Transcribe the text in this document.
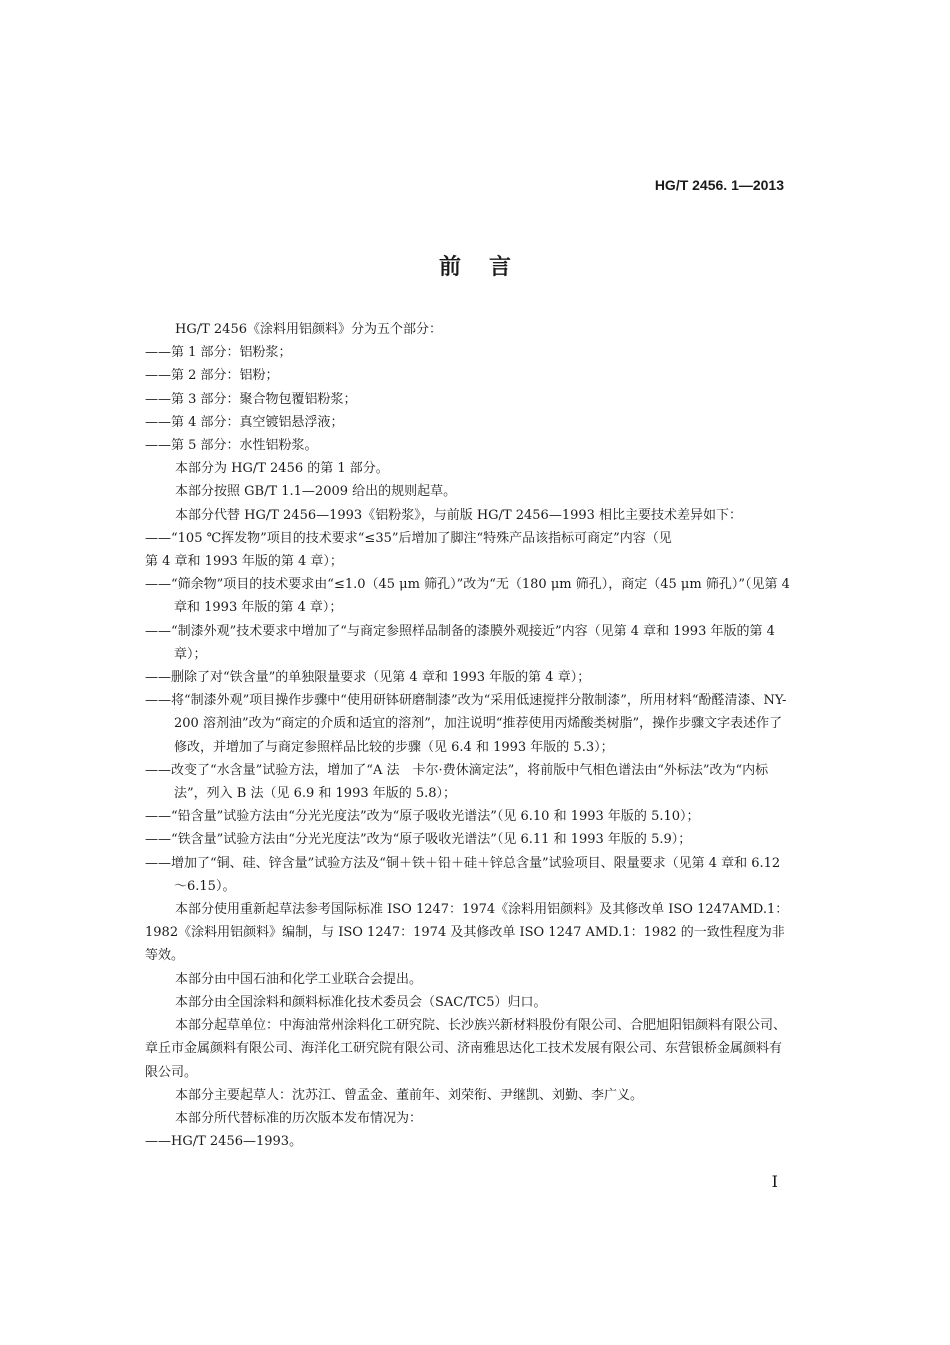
HG/T 2456. 1—2013
前言

HG/T 2456《涂料用铝颜料》分为五个部分：

——第 1 部分：铝粉浆；

——第 2 部分：铝粉；

——第 3 部分：聚合物包覆铝粉浆；

——第 4 部分：真空镀铝悬浮液；

——第 5 部分：水性铝粉浆。

本部分为 HG/T 2456 的第 1 部分。

本部分按照 GB/T 1.1—2009 给出的规则起草。

本部分代替 HG/T 2456—1993《铝粉浆》，与前版 HG/T 2456—1993 相比主要技术差异如下：

——“105 ℃挥发物”项目的技术要求“≤35”后增加了脚注“特殊产品该指标可商定”内容（见

第 4 章和 1993 年版的第 4 章）；

——“筛余物”项目的技术要求由“≤1.0（45 μm 筛孔）”改为“无（180 μm 筛孔），商定（45 μm 筛孔）”（见第 4 章和 1993 年版的第 4 章）；

——“制漆外观”技术要求中增加了“与商定参照样品制备的漆膜外观接近”内容（见第 4 章和 1993 年版的第 4 章）；

——删除了对“铁含量”的单独限量要求（见第 4 章和 1993 年版的第 4 章）；

——将“制漆外观”项目操作步骤中“使用研钵研磨制漆”改为“采用低速搅拌分散制漆”，所用材料“酚醛清漆、NY-200 溶剂油”改为“商定的介质和适宜的溶剂”，加注说明“推荐使用丙烯酸类树脂”，操作步骤文字表述作了修改，并增加了与商定参照样品比较的步骤（见 6.4 和 1993 年版的 5.3）；

——改变了“水含量”试验方法，增加了“A 法　卡尔·费休滴定法”，将前版中气相色谱法由“外标法”改为“内标法”，列入 B 法（见 6.9 和 1993 年版的 5.8）；

——“铅含量”试验方法由“分光光度法”改为“原子吸收光谱法”（见 6.10 和 1993 年版的 5.10）；

——“铁含量”试验方法由“分光光度法”改为“原子吸收光谱法”（见 6.11 和 1993 年版的 5.9）；

——增加了“铜、硅、锌含量”试验方法及“铜＋铁＋铅＋硅＋锌总含量”试验项目、限量要求（见第 4 章和 6.12～6.15）。

本部分使用重新起草法参考国际标准 ISO 1247：1974《涂料用铝颜料》及其修改单 ISO 1247AMD.1：1982《涂料用铝颜料》编制，与 ISO 1247：1974 及其修改单 ISO 1247 AMD.1：1982 的一致性程度为非等效。

本部分由中国石油和化学工业联合会提出。

本部分由全国涂料和颜料标准化技术委员会（SAC/TC5）归口。

本部分起草单位：中海油常州涂料化工研究院、长沙族兴新材料股份有限公司、合肥旭阳铝颜料有限公司、章丘市金属颜料有限公司、海洋化工研究院有限公司、济南雅思达化工技术发展有限公司、东营银桥金属颜料有限公司。

本部分主要起草人：沈苏江、曾孟金、董前年、刘荣衔、尹继凯、刘勤、李广义。

本部分所代替标准的历次版本发布情况为：

——HG/T 2456—1993。

I
